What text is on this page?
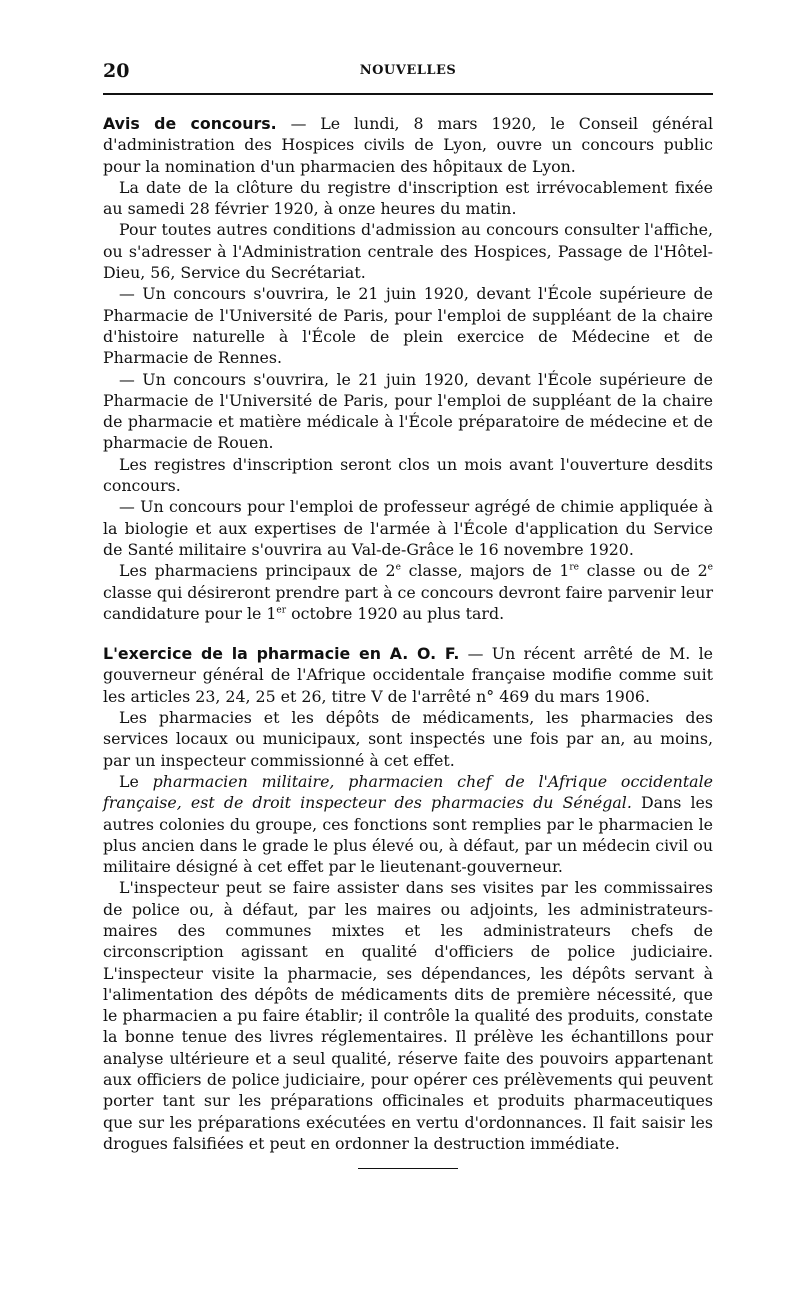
20	NOUVELLES

Avis de concours. — Le lundi, 8 mars 1920, le Conseil général d'administration des Hospices civils de Lyon, ouvre un concours public pour la nomination d'un pharmacien des hôpitaux de Lyon.

La date de la clôture du registre d'inscription est irrévocablement fixée au samedi 28 février 1920, à onze heures du matin.

Pour toutes autres conditions d'admission au concours consulter l'affiche, ou s'adresser à l'Administration centrale des Hospices, Passage de l'Hôtel-Dieu, 56, Service du Secrétariat.

— Un concours s'ouvrira, le 21 juin 1920, devant l'École supérieure de Pharmacie de l'Université de Paris, pour l'emploi de suppléant de la chaire d'histoire naturelle à l'École de plein exercice de Médecine et de Pharmacie de Rennes.

— Un concours s'ouvrira, le 21 juin 1920, devant l'École supérieure de Pharmacie de l'Université de Paris, pour l'emploi de suppléant de la chaire de pharmacie et matière médicale à l'École préparatoire de médecine et de pharmacie de Rouen.

Les registres d'inscription seront clos un mois avant l'ouverture desdits concours.

— Un concours pour l'emploi de professeur agrégé de chimie appliquée à la biologie et aux expertises de l'armée à l'École d'application du Service de Santé militaire s'ouvrira au Val-de-Grâce le 16 novembre 1920.

Les pharmaciens principaux de 2e classe, majors de 1re classe ou de 2e classe qui désireront prendre part à ce concours devront faire parvenir leur candidature pour le 1er octobre 1920 au plus tard.

L'exercice de la pharmacie en A. O. F. — Un récent arrêté de M. le gouverneur général de l'Afrique occidentale française modifie comme suit les articles 23, 24, 25 et 26, titre V de l'arrêté n° 469 du mars 1906.

Les pharmacies et les dépôts de médicaments, les pharmacies des services locaux ou municipaux, sont inspectés une fois par an, au moins, par un inspecteur commissionné à cet effet.

Le pharmacien militaire, pharmacien chef de l'Afrique occidentale française, est de droit inspecteur des pharmacies du Sénégal. Dans les autres colonies du groupe, ces fonctions sont remplies par le pharmacien le plus ancien dans le grade le plus élevé ou, à défaut, par un médecin civil ou militaire désigné à cet effet par le lieutenant-gouverneur.

L'inspecteur peut se faire assister dans ses visites par les commissaires de police ou, à défaut, par les maires ou adjoints, les administrateurs-maires des communes mixtes et les administrateurs chefs de circonscription agissant en qualité d'officiers de police judiciaire. L'inspecteur visite la pharmacie, ses dépendances, les dépôts servant à l'alimentation des dépôts de médicaments dits de première nécessité, que le pharmacien a pu faire établir; il contrôle la qualité des produits, constate la bonne tenue des livres réglementaires. Il prélève les échantillons pour analyse ultérieure et a seul qualité, réserve faite des pouvoirs appartenant aux officiers de police judiciaire, pour opérer ces prélèvements qui peuvent porter tant sur les préparations officinales et produits pharmaceutiques que sur les préparations exécutées en vertu d'ordonnances. Il fait saisir les drogues falsifiées et peut en ordonner la destruction immédiate.
